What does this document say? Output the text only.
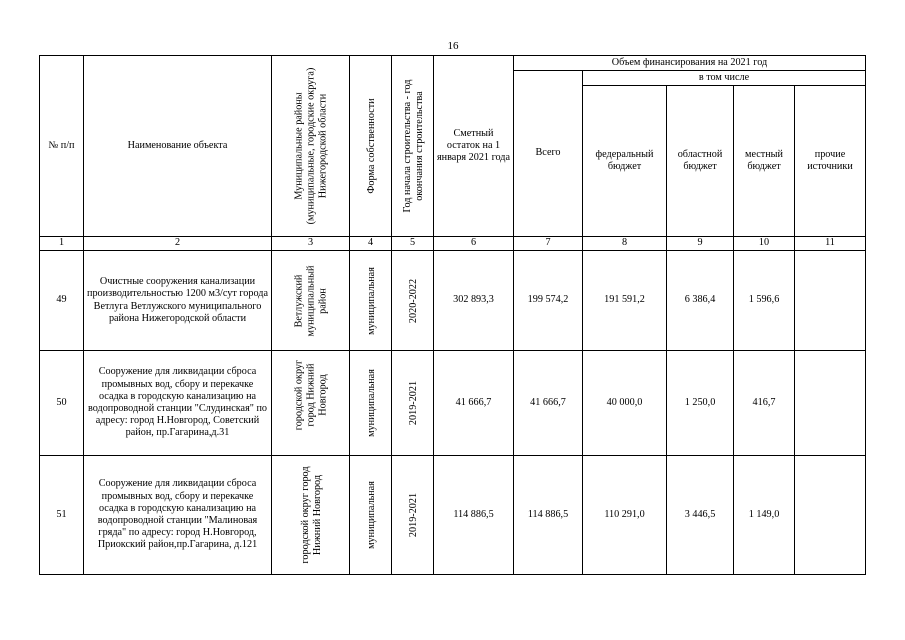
16
№ п/п	Наименование объекта	Муниципальные районы (муниципальные, городские округа) Нижегородской области	Форма собственности	Год начала строительства - год окончания строительства	Сметный остаток на 1 января 2021 года	Объем финансирования на 2021 год				
						Всего	в том числе			
							федеральный бюджет	областной бюджет	местный бюджет	прочие источники
1	2	3	4	5	6	7	8	9	10	11
49	Очистные сооружения канализации производительностью 1200 м3/сут города Ветлуга Ветлужского муниципального района Нижегородской области	Ветлужский муниципальный район	муниципальная	2020-2022	302 893,3	199 574,2	191 591,2	6 386,4	1 596,6	
50	Сооружение для ликвидации сброса промывных вод, сбору и перекачке осадка в городскую канализацию на водопроводной станции "Слудинская" по адресу: город Н.Новгород, Советский район, пр.Гагарина,д.31	городской округ город Нижний Новгород	муниципальная	2019-2021	41 666,7	41 666,7	40 000,0	1 250,0	416,7	
51	Сооружение для ликвидации сброса промывных вод, сбору и перекачке осадка в городскую канализацию на водопроводной станции "Малиновая гряда" по адресу: город Н.Новгород, Приокский район,пр.Гагарина, д.121	городской округ город Нижний Новгород	муниципальная	2019-2021	114 886,5	114 886,5	110 291,0	3 446,5	1 149,0	
